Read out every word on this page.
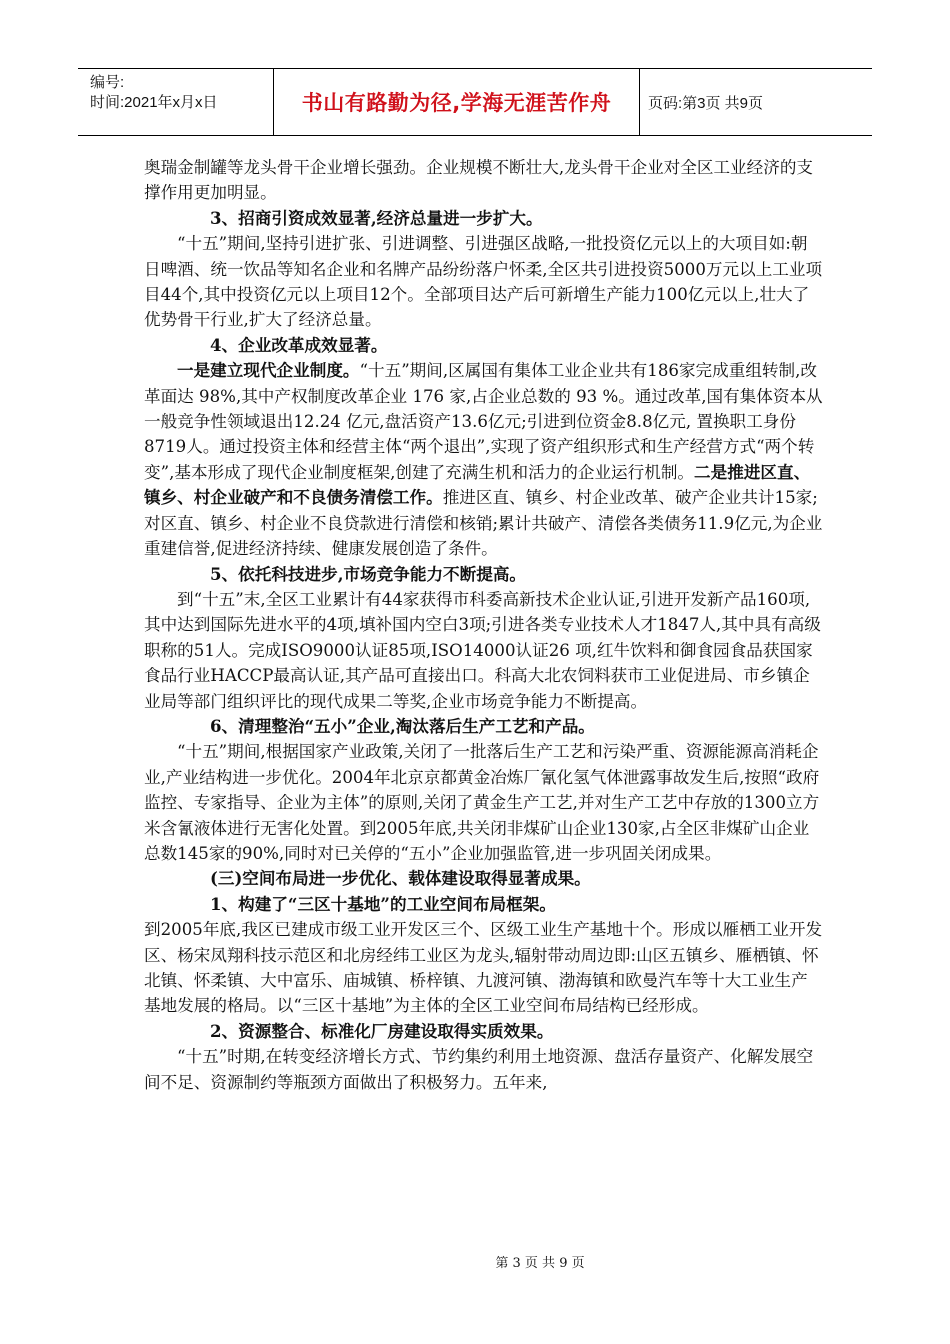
编号:
时间:2021年x月x日	书山有路勤为径,学海无涯苦作舟	页码:第3页 共9页

奥瑞金制罐等龙头骨干企业增长强劲。企业规模不断壮大,龙头骨干企业对全区工业经济的支撑作用更加明显。

3、招商引资成效显著,经济总量进一步扩大。

“十五”期间,坚持引进扩张、引进调整、引进强区战略,一批投资亿元以上的大项目如:朝日啤酒、统一饮品等知名企业和名牌产品纷纷落户怀柔,全区共引进投资5000万元以上工业项目44个,其中投资亿元以上项目12个。全部项目达产后可新增生产能力100亿元以上,壮大了优势骨干行业,扩大了经济总量。

4、企业改革成效显著。

一是建立现代企业制度。“十五”期间,区属国有集体工业企业共有186家完成重组转制,改革面达 98%,其中产权制度改革企业 176 家,占企业总数的 93 %。通过改革,国有集体资本从一般竞争性领域退出12.24 亿元,盘活资产13.6亿元;引进到位资金8.8亿元, 置换职工身份8719人。通过投资主体和经营主体“两个退出”,实现了资产组织形式和生产经营方式“两个转变”,基本形成了现代企业制度框架,创建了充满生机和活力的企业运行机制。二是推进区直、镇乡、村企业破产和不良债务清偿工作。推进区直、镇乡、村企业改革、破产企业共计15家;对区直、镇乡、村企业不良贷款进行清偿和核销;累计共破产、清偿各类债务11.9亿元,为企业重建信誉,促进经济持续、健康发展创造了条件。

5、依托科技进步,市场竞争能力不断提高。

到“十五”末,全区工业累计有44家获得市科委高新技术企业认证,引进开发新产品160项,其中达到国际先进水平的4项,填补国内空白3项;引进各类专业技术人才1847人,其中具有高级职称的51人。完成ISO9000认证85项,ISO14000认证26 项,红牛饮料和御食园食品获国家食品行业HACCP最高认证,其产品可直接出口。科高大北农饲料获市工业促进局、市乡镇企业局等部门组织评比的现代成果二等奖,企业市场竞争能力不断提高。

6、清理整治“五小”企业,淘汰落后生产工艺和产品。

“十五”期间,根据国家产业政策,关闭了一批落后生产工艺和污染严重、资源能源高消耗企业,产业结构进一步优化。2004年北京京都黄金冶炼厂氰化氢气体泄露事故发生后,按照“政府监控、专家指导、企业为主体”的原则,关闭了黄金生产工艺,并对生产工艺中存放的1300立方米含氰液体进行无害化处置。到2005年底,共关闭非煤矿山企业130家,占全区非煤矿山企业总数145家的90%,同时对已关停的“五小”企业加强监管,进一步巩固关闭成果。

(三)空间布局进一步优化、载体建设取得显著成果。

1、构建了“三区十基地”的工业空间布局框架。

到2005年底,我区已建成市级工业开发区三个、区级工业生产基地十个。形成以雁栖工业开发区、杨宋凤翔科技示范区和北房经纬工业区为龙头,辐射带动周边即:山区五镇乡、雁栖镇、怀北镇、怀柔镇、大中富乐、庙城镇、桥梓镇、九渡河镇、渤海镇和欧曼汽车等十大工业生产基地发展的格局。以“三区十基地”为主体的全区工业空间布局结构已经形成。

2、资源整合、标准化厂房建设取得实质效果。

“十五”时期,在转变经济增长方式、节约集约利用土地资源、盘活存量资产、化解发展空间不足、资源制约等瓶颈方面做出了积极努力。五年来,

第 3 页 共 9 页
